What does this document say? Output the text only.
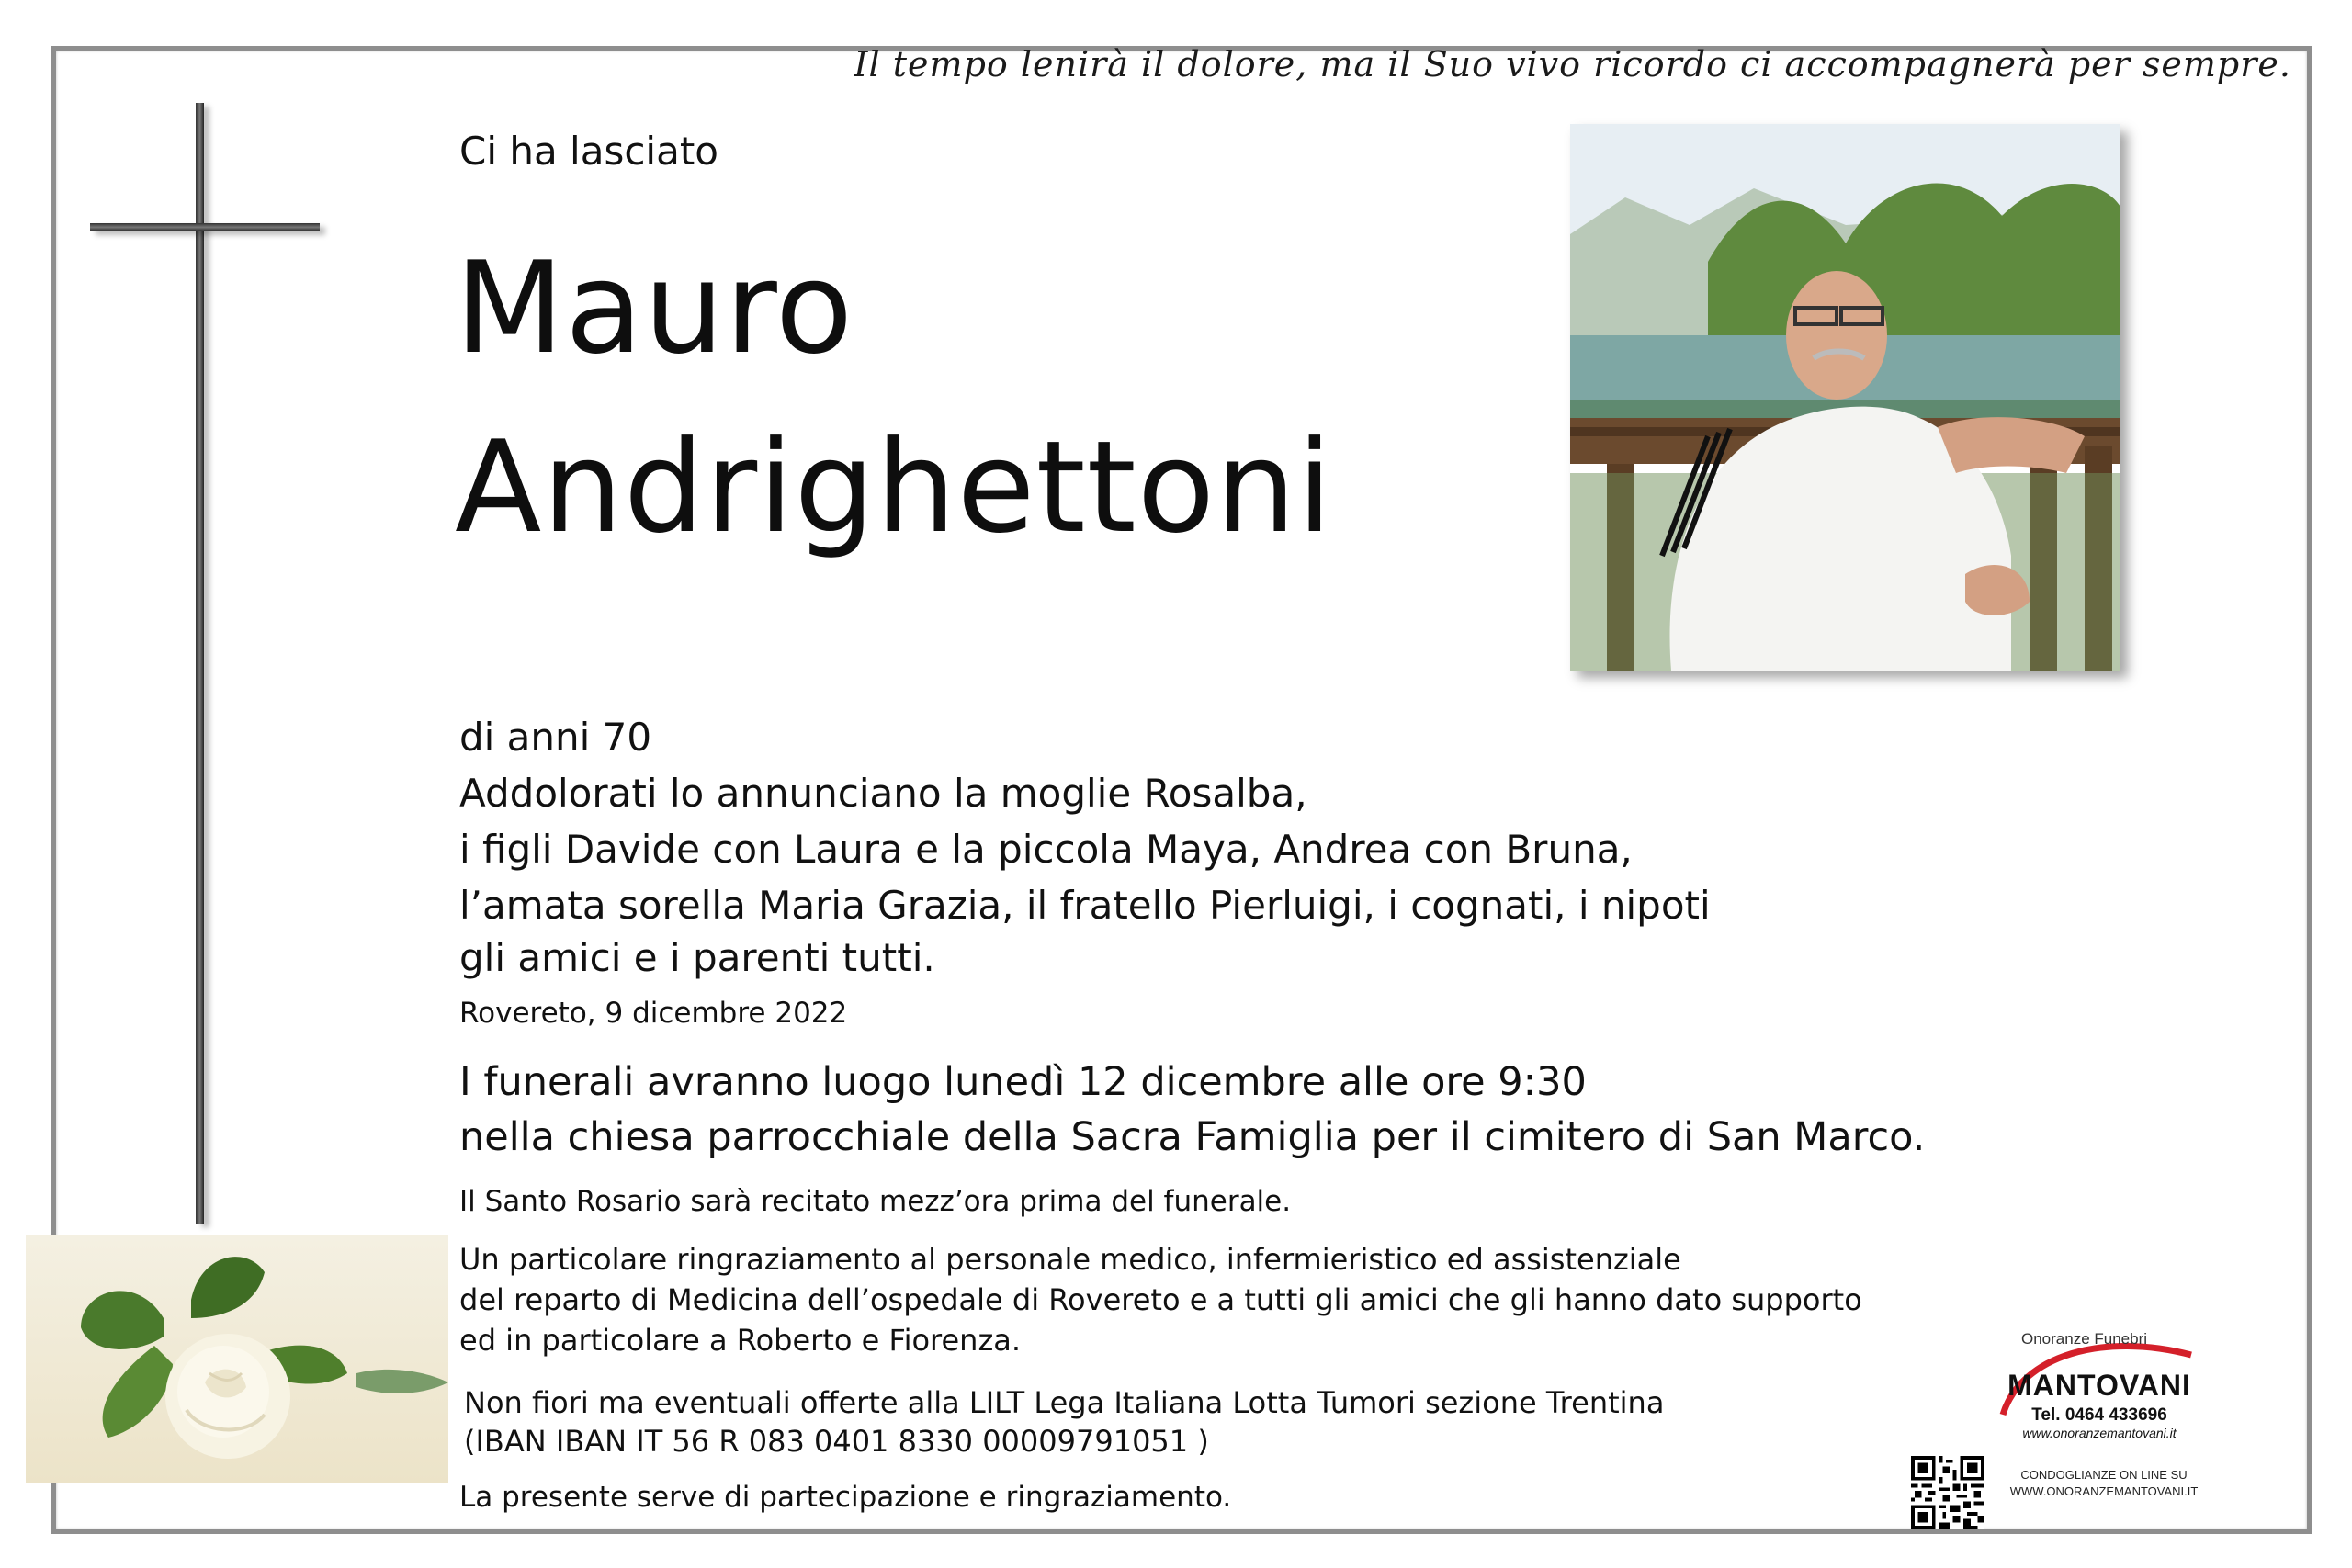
Il tempo lenirà il dolore, ma il Suo vivo ricordo ci accompagnerà per sempre.
Ci ha lasciato
Mauro
Andrighettoni
di anni 70
Addolorati lo annunciano la moglie Rosalba,
i figli Davide con Laura e la piccola Maya, Andrea con Bruna,
l’amata sorella Maria Grazia, il fratello Pierluigi, i cognati, i nipoti
gli amici e i parenti tutti.
Rovereto, 9 dicembre 2022
I funerali avranno luogo lunedì 12 dicembre alle ore 9:30
nella chiesa parrocchiale della Sacra Famiglia per il cimitero di San Marco.
Il Santo Rosario sarà recitato mezz’ora prima del funerale.
Un particolare ringraziamento al personale medico, infermieristico ed assistenziale
del reparto di Medicina dell’ospedale di Rovereto e a tutti gli amici che gli hanno dato supporto
ed in particolare a Roberto e Fiorenza.
Non fiori ma eventuali offerte alla LILT Lega Italiana Lotta Tumori sezione Trentina
(IBAN IBAN IT 56 R 083 0401 8330 00009791051 )
La presente serve di partecipazione e ringraziamento.
Onoranze Funebri
MANTOVANI
Tel. 0464 433696
www.onoranzemantovani.it
CONDOGLIANZE ON LINE SU
WWW.ONORANZEMANTOVANI.IT
